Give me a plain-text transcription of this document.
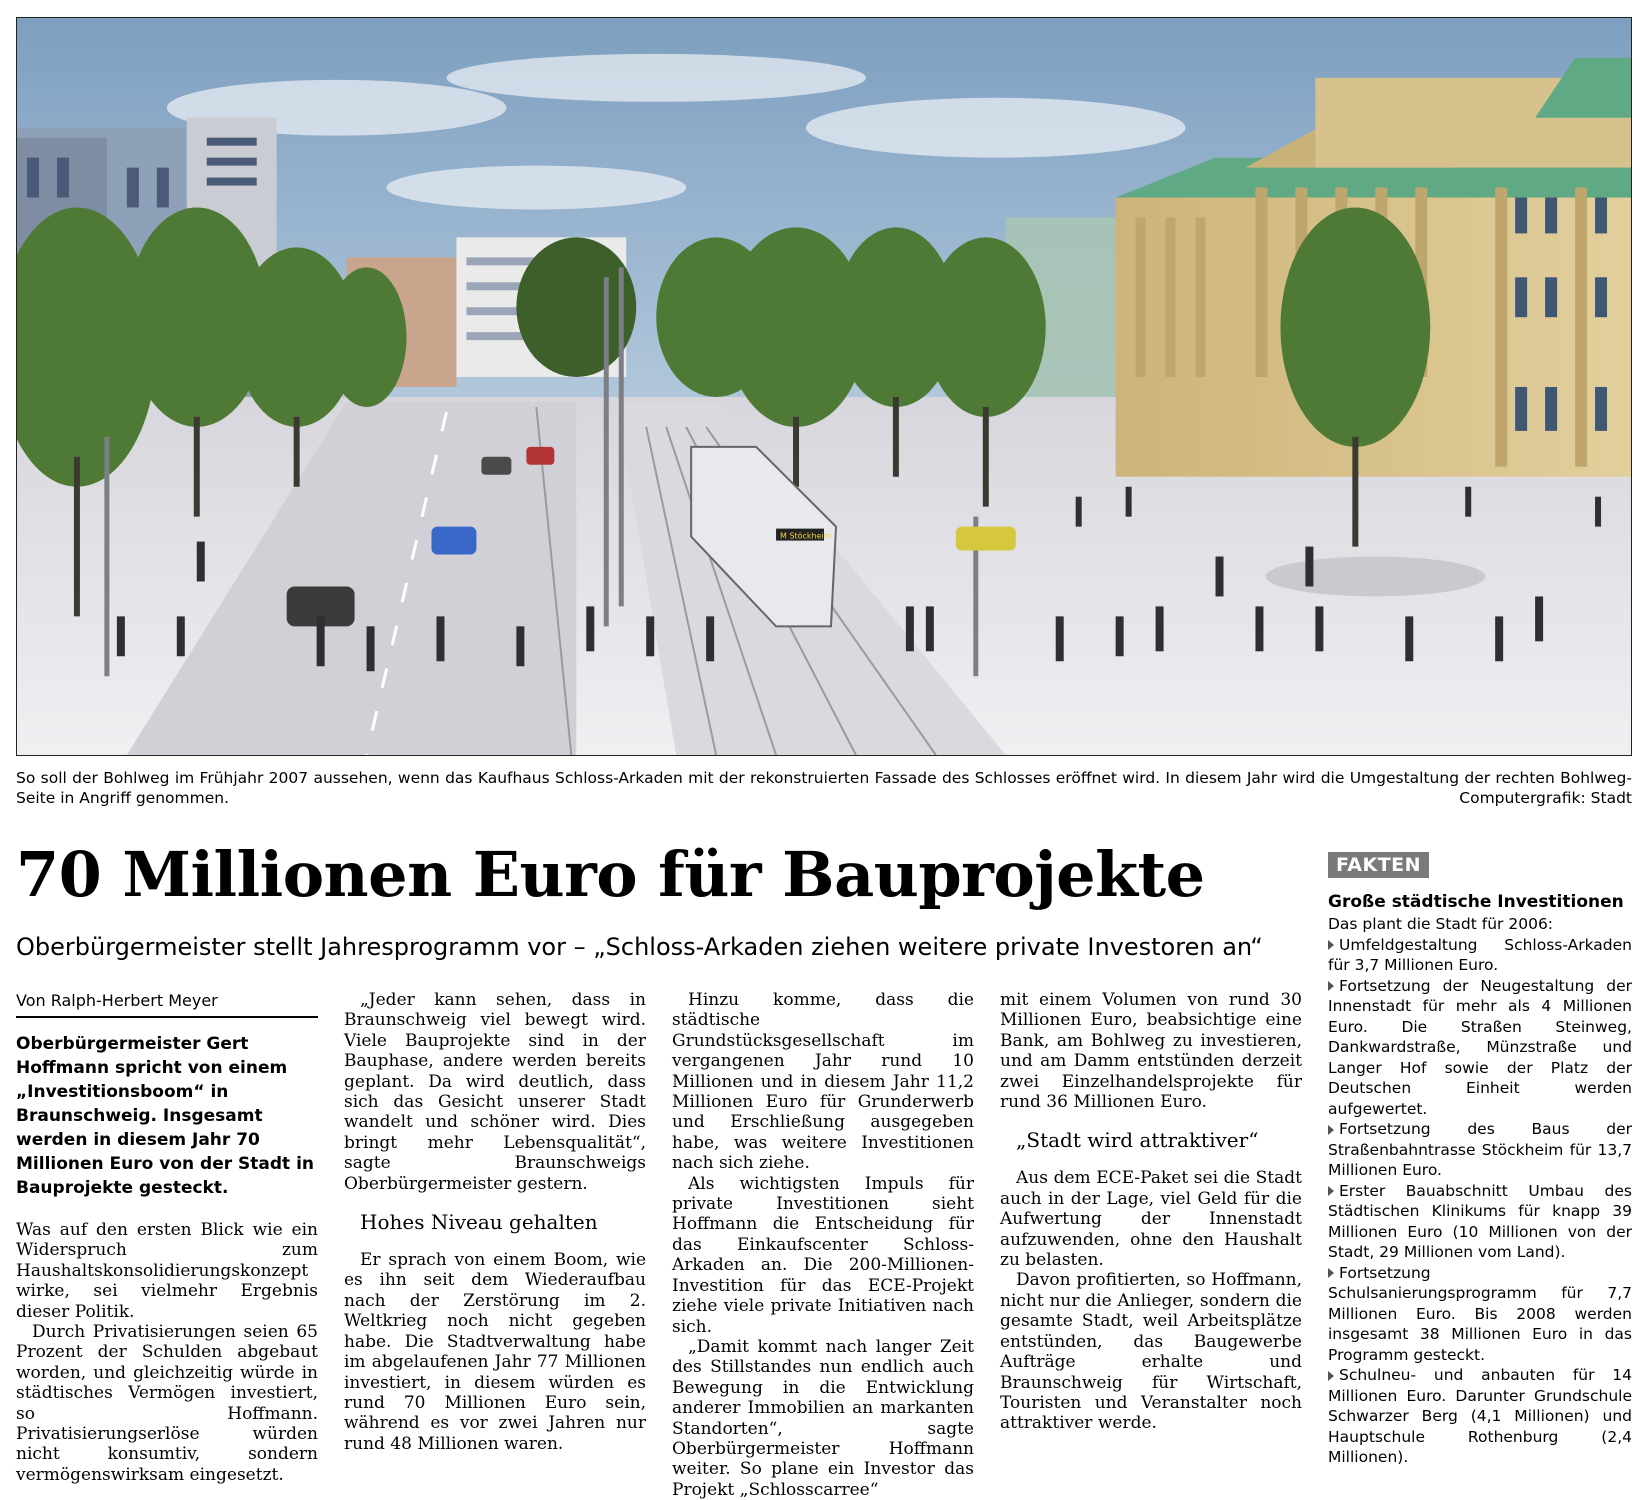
M Stöckheim
So soll der Bohlweg im Frühjahr 2007 aussehen, wenn das Kaufhaus Schloss-Arkaden mit der rekonstruierten Fassade des Schlosses eröffnet wird. In diesem Jahr wird die Umgestaltung der rechten Bohlweg-Seite in Angriff genommen.	Computergrafik: Stadt
70 Millionen Euro für Bauprojekte
Oberbürgermeister stellt Jahresprogramm vor – „Schloss-Arkaden ziehen weitere private Investoren an“
Von Ralph-Herbert Meyer
Oberbürgermeister Gert Hoffmann spricht von einem „Investitionsboom“ in Braunschweig. Insgesamt werden in diesem Jahr 70 Millionen Euro von der Stadt in Bauprojekte gesteckt.

Was auf den ersten Blick wie ein Widerspruch zum Haushaltskonsolidierungskonzept wirke, sei vielmehr Ergebnis dieser Politik.

Durch Privatisierungen seien 65 Prozent der Schulden abgebaut worden, und gleichzeitig würde in städtisches Vermögen investiert, so Hoffmann. Privatisierungserlöse würden nicht konsumtiv, sondern vermögenswirksam eingesetzt.

„Jeder kann sehen, dass in Braunschweig viel bewegt wird. Viele Bauprojekte sind in der Bauphase, andere werden bereits geplant. Da wird deutlich, dass sich das Gesicht unserer Stadt wandelt und schöner wird. Dies bringt mehr Lebensqualität“, sagte Braunschweigs Oberbürgermeister gestern.

Hohes Niveau gehalten

Er sprach von einem Boom, wie es ihn seit dem Wiederaufbau nach der Zerstörung im 2. Weltkrieg noch nicht gegeben habe. Die Stadtverwaltung habe im abgelaufenen Jahr 77 Millionen investiert, in diesem würden es rund 70 Millionen Euro sein, während es vor zwei Jahren nur rund 48 Millionen waren.

Hinzu komme, dass die städtische Grundstücksgesellschaft im vergangenen Jahr rund 10 Millionen und in diesem Jahr 11,2 Millionen Euro für Grunderwerb und Erschließung ausgegeben habe, was weitere Investitionen nach sich ziehe.

Als wichtigsten Impuls für private Investitionen sieht Hoffmann die Entscheidung für das Einkaufscenter Schloss-Arkaden an. Die 200-Millionen-Investition für das ECE-Projekt ziehe viele private Initiativen nach sich.

„Damit kommt nach langer Zeit des Stillstandes nun endlich auch Bewegung in die Entwicklung anderer Immobilien an markanten Standorten“, sagte Oberbürgermeister Hoffmann weiter. So plane ein Investor das Projekt „Schlosscarree“

mit einem Volumen von rund 30 Millionen Euro, beabsichtige eine Bank, am Bohlweg zu investieren, und am Damm entstünden derzeit zwei Einzelhandelsprojekte für rund 36 Millionen Euro.

„Stadt wird attraktiver“

Aus dem ECE-Paket sei die Stadt auch in der Lage, viel Geld für die Aufwertung der Innenstadt aufzuwenden, ohne den Haushalt zu belasten.

Davon profitierten, so Hoffmann, nicht nur die Anlieger, sondern die gesamte Stadt, weil Arbeitsplätze entstünden, das Baugewerbe Aufträge erhalte und Braunschweig für Wirtschaft, Touristen und Veranstalter noch attraktiver werde.

FAKTEN
Große städtische Investitionen
Das plant die Stadt für 2006:
Umfeldgestaltung Schloss-Arkaden für 3,7 Millionen Euro.
Fortsetzung der Neugestaltung der Innenstadt für mehr als 4 Millionen Euro. Die Straßen Steinweg, Dankwardstraße, Münzstraße und Langer Hof sowie der Platz der Deutschen Einheit werden aufgewertet.
Fortsetzung des Baus der Straßenbahntrasse Stöckheim für 13,7 Millionen Euro.
Erster Bauabschnitt Umbau des Städtischen Klinikums für knapp 39 Millionen Euro (10 Millionen von der Stadt, 29 Millionen vom Land).
Fortsetzung Schulsanierungsprogramm für 7,7 Millionen Euro. Bis 2008 werden insgesamt 38 Millionen Euro in das Programm gesteckt.
Schulneu- und anbauten für 14 Millionen Euro. Darunter Grundschule Schwarzer Berg (4,1 Millionen) und Hauptschule Rothenburg (2,4 Millionen).
